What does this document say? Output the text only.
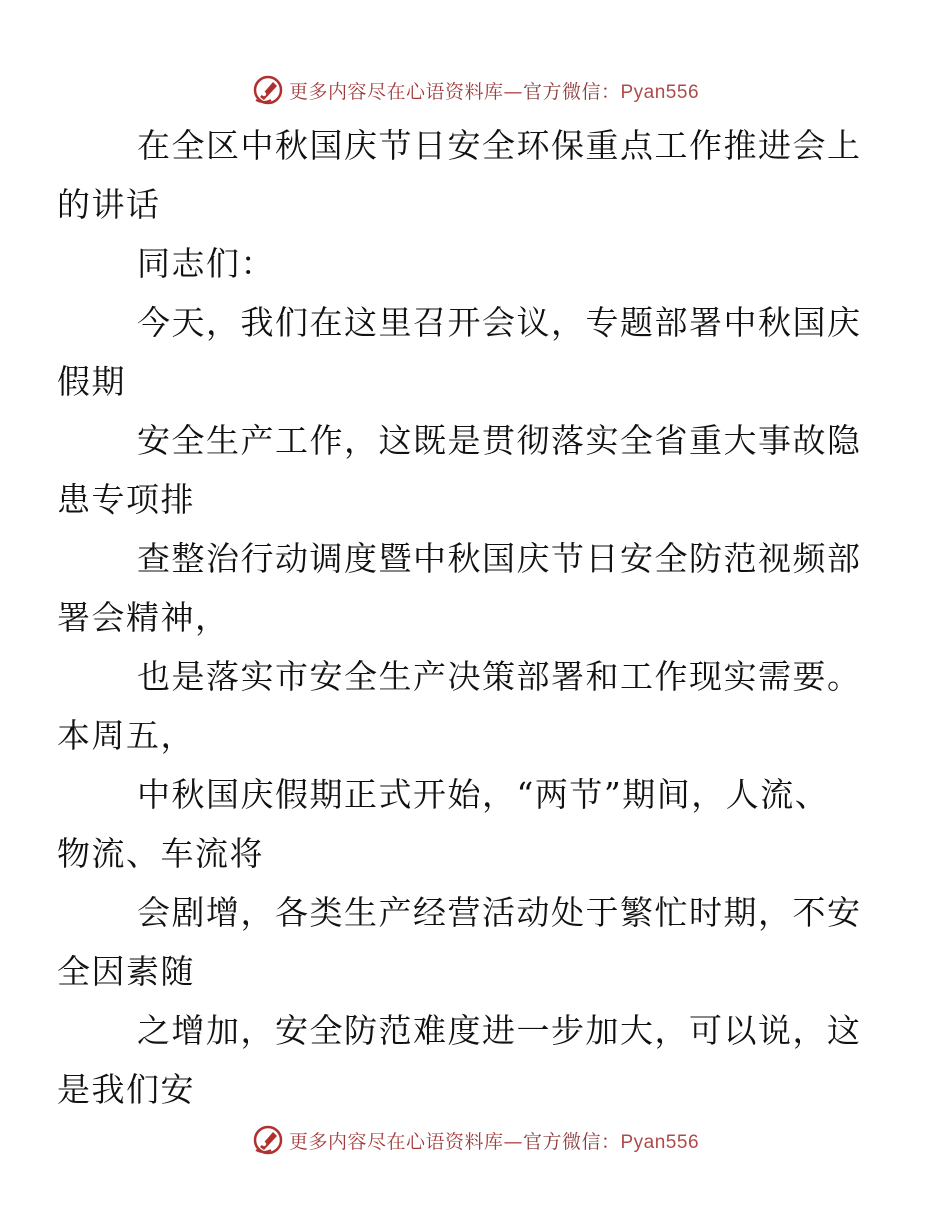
更多内容尽在心语资料库—官方微信：Pyan556

在全区中秋国庆节日安全环保重点工作推进会上
的讲话

同志们：

今天，我们在这里召开会议，专题部署中秋国庆
假期

安全生产工作，这既是贯彻落实全省重大事故隐
患专项排

查整治行动调度暨中秋国庆节日安全防范视频部
署会精神，

也是落实市安全生产决策部署和工作现实需要。
本周五，

中秋国庆假期正式开始，“两节”期间，人流、
物流、车流将

会剧增，各类生产经营活动处于繁忙时期，不安
全因素随

之增加，安全防范难度进一步加大，可以说，这
是我们安

更多内容尽在心语资料库—官方微信：Pyan556
